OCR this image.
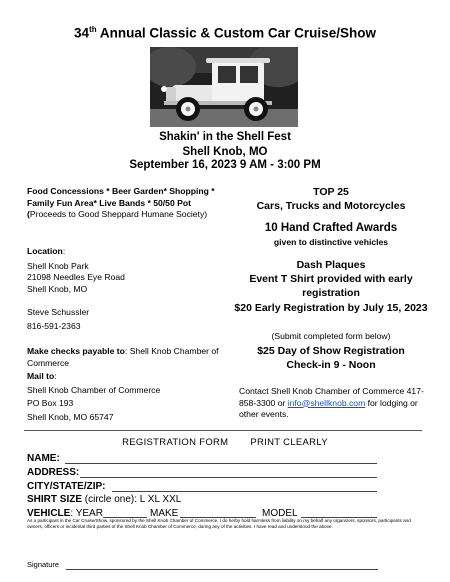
34th Annual Classic & Custom Car Cruise/Show
Shakin' in the Shell Fest
Shell Knob, MO
September 16, 2023 9 AM - 3:00 PM
Food Concessions * Beer Garden* Shopping * Family Fun Area* Live Bands * 50/50 Pot (Proceeds to Good Sheppard Humane Society)
Location:
Shell Knob Park
21098 Needles Eye Road
Shell Knob, MO
Steve Schussler
816-591-2363
Make checks payable to: Shell Knob Chamber of Commerce
Mail to:
Shell Knob Chamber of Commerce
PO Box 193
Shell Knob, MO 65747
TOP 25
Cars, Trucks and Motorcycles
10 Hand Crafted Awards
given to distinctive vehicles
Dash Plaques
Event T Shirt provided with early registration
$20 Early Registration by July 15, 2023
(Submit completed form below)
$25 Day of Show Registration
Check-in 9 - Noon
Contact Shell Knob Chamber of Commerce 417-858-3300 or info@shellknob.com for lodging or other events.
REGISTRATION FORM PRINT CLEARLY
NAME:
ADDRESS:
CITY/STATE/ZIP:
SHIRT SIZE (circle one): L XL XXL
VEHICLE: YEAR	MAKE	MODEL
As a participant in the Car Cruise/Show, sponsored by the Shell Knob Chamber of Commerce, I do herby hold harmless from liability on my behalf any organizers, sponsors, participants and owners, officers or incidental third parties of the Shell Knob Chamber of Commerce, during any of the activities. I have read and understood the above.
Signature
